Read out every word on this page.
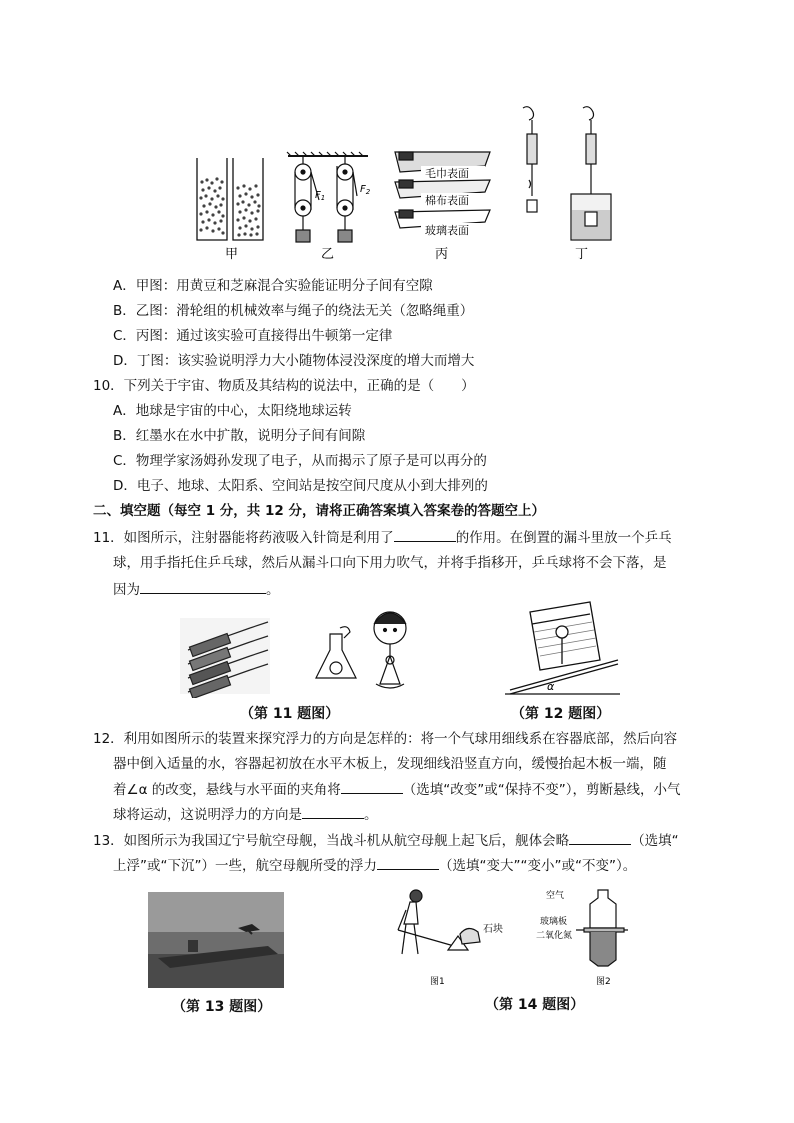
甲
$F_1$
$F_2$
乙
毛巾表面
棉布表面
玻璃表面
丙	丁
A．甲图：用黄豆和芝麻混合实验能证明分子间有空隙
B．乙图：滑轮组的机械效率与绳子的绕法无关（忽略绳重）
C．丙图：通过该实验可直接得出牛顿第一定律
D．丁图：该实验说明浮力大小随物体浸没深度的增大而增大
10．下列关于宇宙、物质及其结构的说法中，正确的是（　　）
A．地球是宇宙的中心，太阳绕地球运转
B．红墨水在水中扩散，说明分子间有间隙
C．物理学家汤姆孙发现了电子，从而揭示了原子是可以再分的
D．电子、地球、太阳系、空间站是按空间尺度从小到大排列的
二、填空题（每空 1 分，共 12 分，请将正确答案填入答案卷的答题空上）
11．如图所示，注射器能将药液吸入针筒是利用了	的作用。在倒置的漏斗里放一个乒乓
球，用手指托住乒乓球，然后从漏斗口向下用力吹气，并将手指移开，乒乓球将不会下落，是
因为	。
α
（第 11 题图）	（第 12 题图）
12．利用如图所示的装置来探究浮力的方向是怎样的：将一个气球用细线系在容器底部，然后向容
器中倒入适量的水，容器起初放在水平木板上，发现细线沿竖直方向，缓慢抬起木板一端，随
着∠α 的改变，悬线与水平面的夹角将	（选填“改变”或“保持不变”），剪断悬线，小气
球将运动，这说明浮力的方向是	。
13．如图所示为我国辽宁号航空母舰，当战斗机从航空母舰上起飞后，舰体会略	（选填“
上浮”或“下沉”）一些，航空母舰所受的浮力	（选填“变大”“变小”或“不变”）。
石块
图1
空气
玻璃板
二氧化氮
图2
（第 13 题图）	（第 14 题图）
